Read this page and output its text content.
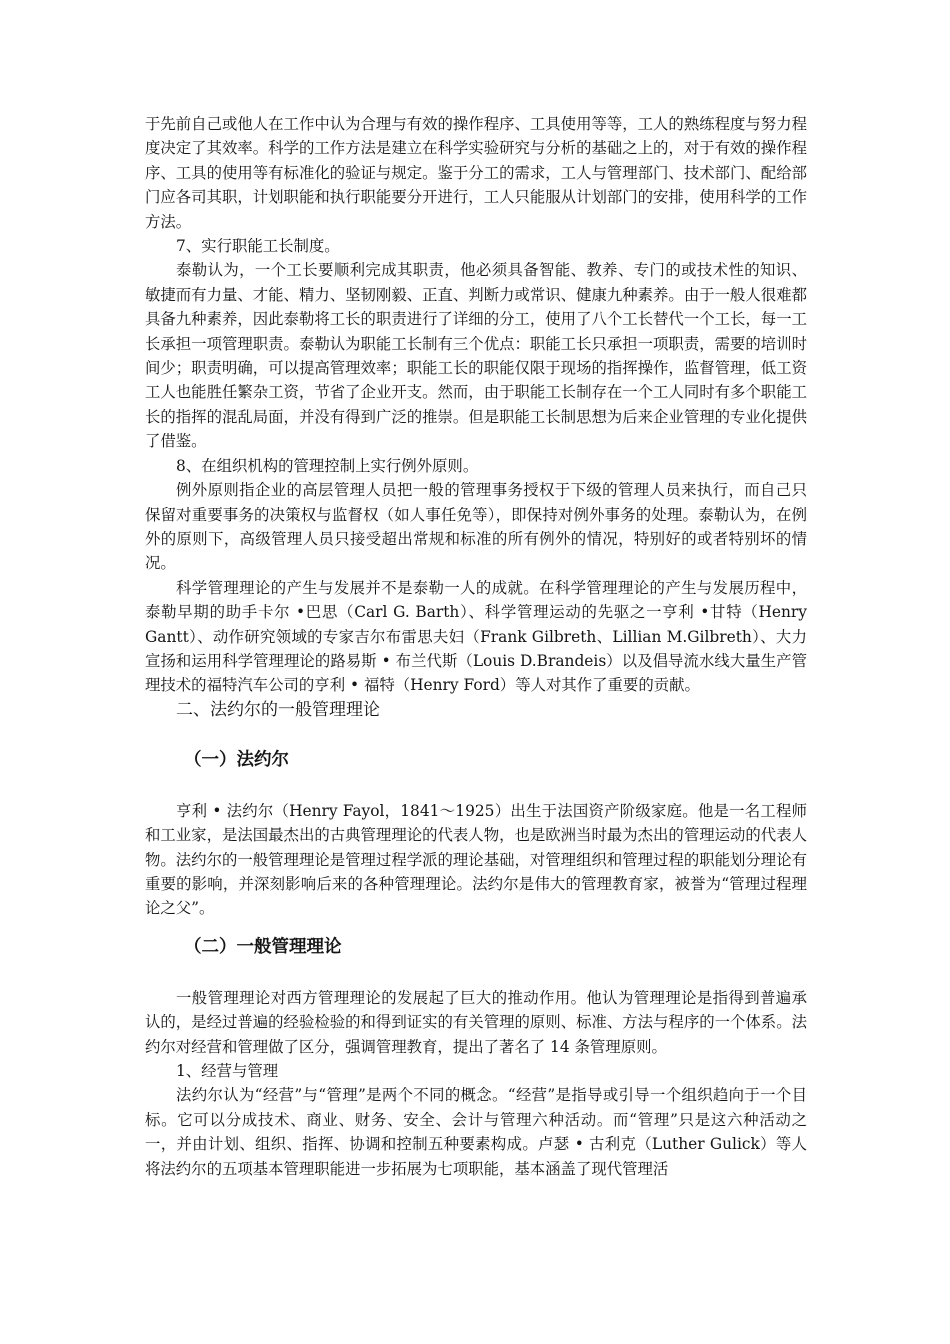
于先前自己或他人在工作中认为合理与有效的操作程序、工具使用等等，工人的熟练程度与努力程度决定了其效率。科学的工作方法是建立在科学实验研究与分析的基础之上的，对于有效的操作程序、工具的使用等有标准化的验证与规定。鉴于分工的需求，工人与管理部门、技术部门、配给部门应各司其职，计划职能和执行职能要分开进行，工人只能服从计划部门的安排，使用科学的工作方法。

7、实行职能工长制度。

泰勒认为，一个工长要顺利完成其职责，他必须具备智能、教养、专门的或技术性的知识、敏捷而有力量、才能、精力、坚韧刚毅、正直、判断力或常识、健康九种素养。由于一般人很难都具备九种素养，因此泰勒将工长的职责进行了详细的分工，使用了八个工长替代一个工长，每一工长承担一项管理职责。泰勒认为职能工长制有三个优点：职能工长只承担一项职责，需要的培训时间少；职责明确，可以提高管理效率；职能工长的职能仅限于现场的指挥操作，监督管理，低工资工人也能胜任繁杂工资，节省了企业开支。然而，由于职能工长制存在一个工人同时有多个职能工长的指挥的混乱局面，并没有得到广泛的推崇。但是职能工长制思想为后来企业管理的专业化提供了借鉴。

8、在组织机构的管理控制上实行例外原则。

例外原则指企业的高层管理人员把一般的管理事务授权于下级的管理人员来执行，而自己只保留对重要事务的决策权与监督权（如人事任免等），即保持对例外事务的处理。泰勒认为，在例外的原则下，高级管理人员只接受超出常规和标准的所有例外的情况，特别好的或者特别坏的情况。

科学管理理论的产生与发展并不是泰勒一人的成就。在科学管理理论的产生与发展历程中，泰勒早期的助手卡尔 •巴思（Carl G. Barth）、科学管理运动的先驱之一亨利 •甘特（Henry Gantt）、动作研究领域的专家吉尔布雷思夫妇（Frank Gilbreth、Lillian M.Gilbreth）、大力宣扬和运用科学管理理论的路易斯 • 布兰代斯（Louis D.Brandeis）以及倡导流水线大量生产管理技术的福特汽车公司的亨利 • 福特（Henry Ford）等人对其作了重要的贡献。

二、法约尔的一般管理理论

（一）法约尔

亨利 • 法约尔（Henry Fayol，1841～1925）出生于法国资产阶级家庭。他是一名工程师和工业家，是法国最杰出的古典管理理论的代表人物，也是欧洲当时最为杰出的管理运动的代表人物。法约尔的一般管理理论是管理过程学派的理论基础，对管理组织和管理过程的职能划分理论有重要的影响，并深刻影响后来的各种管理理论。法约尔是伟大的管理教育家，被誉为“管理过程理论之父”。

（二）一般管理理论

一般管理理论对西方管理理论的发展起了巨大的推动作用。他认为管理理论是指得到普遍承认的，是经过普遍的经验检验的和得到证实的有关管理的原则、标准、方法与程序的一个体系。法约尔对经营和管理做了区分，强调管理教育，提出了著名了 14 条管理原则。

1、经营与管理

法约尔认为“经营”与“管理”是两个不同的概念。“经营”是指导或引导一个组织趋向于一个目标。它可以分成技术、商业、财务、安全、会计与管理六种活动。而“管理”只是这六种活动之一，并由计划、组织、指挥、协调和控制五种要素构成。卢瑟 • 古利克（Luther Gulick）等人将法约尔的五项基本管理职能进一步拓展为七项职能，基本涵盖了现代管理活
